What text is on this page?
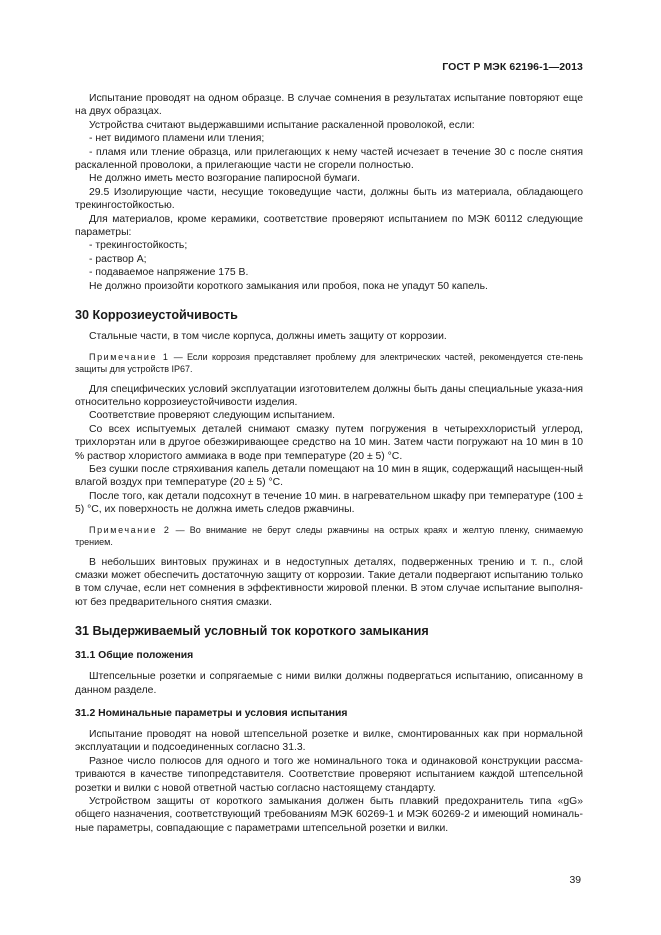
ГОСТ Р МЭК 62196-1—2013

Испытание проводят на одном образце. В случае сомнения в результатах испытание повторяют еще на двух образцах.

Устройства считают выдержавшими испытание раскаленной проволокой, если:

- нет видимого пламени или тления;

- пламя или тление образца, или прилегающих к нему частей исчезает в течение 30 с после снятия раскаленной проволоки, а прилегающие части не сгорели полностью.

Не должно иметь место возгорание папиросной бумаги.

29.5 Изолирующие части, несущие токоведущие части, должны быть из материала, обладающего трекингостойкостью.

Для материалов, кроме керамики, соответствие проверяют испытанием по МЭК 60112 следующие параметры:

- трекингостойкость;

- раствор А;

- подаваемое напряжение 175 В.

Не должно произойти короткого замыкания или пробоя, пока не упадут 50 капель.

30 Коррозиеустойчивость

Стальные части, в том числе корпуса, должны иметь защиту от коррозии.

Примечание 1 — Если коррозия представляет проблему для электрических частей, рекомендуется сте-пень защиты для устройств IP67.

Для специфических условий эксплуатации изготовителем должны быть даны специальные указа-ния относительно коррозиеустойчивости изделия.

Соответствие проверяют следующим испытанием.

Со всех испытуемых деталей снимают смазку путем погружения в четыреххлористый углерод, трихлорэтан или в другое обезжиривающее средство на 10 мин. Затем части погружают на 10 мин в 10 % раствор хлористого аммиака в воде при температуре (20 ± 5) °С.

Без сушки после стряхивания капель детали помещают на 10 мин в ящик, содержащий насыщен-ный влагой воздух при температуре (20 ± 5) °С.

После того, как детали подсохнут в течение 10 мин. в нагревательном шкафу при температуре (100 ± 5) °С, их поверхность не должна иметь следов ржавчины.

Примечание 2 — Во внимание не берут следы ржавчины на острых краях и желтую пленку, снимаемую трением.

В небольших винтовых пружинах и в недоступных деталях, подверженных трению и т. п., слой смазки может обеспечить достаточную защиту от коррозии. Такие детали подвергают испытанию только в том случае, если нет сомнения в эффективности жировой пленки. В этом случае испытание выполня-ют без предварительного снятия смазки.

31 Выдерживаемый условный ток короткого замыкания
31.1 Общие положения

Штепсельные розетки и сопрягаемые с ними вилки должны подвергаться испытанию, описанному в данном разделе.

31.2 Номинальные параметры и условия испытания

Испытание проводят на новой штепсельной розетке и вилке, смонтированных как при нормальной эксплуатации и подсоединенных согласно 31.3.

Разное число полюсов для одного и того же номинального тока и одинаковой конструкции рассма-триваются в качестве типопредставителя. Соответствие проверяют испытанием каждой штепсельной розетки и вилки с новой ответной частью согласно настоящему стандарту.

Устройством защиты от короткого замыкания должен быть плавкий предохранитель типа «gG» общего назначения, соответствующий требованиям МЭК 60269-1 и МЭК 60269-2 и имеющий номиналь-ные параметры, совпадающие с параметрами штепсельной розетки и вилки.

39
